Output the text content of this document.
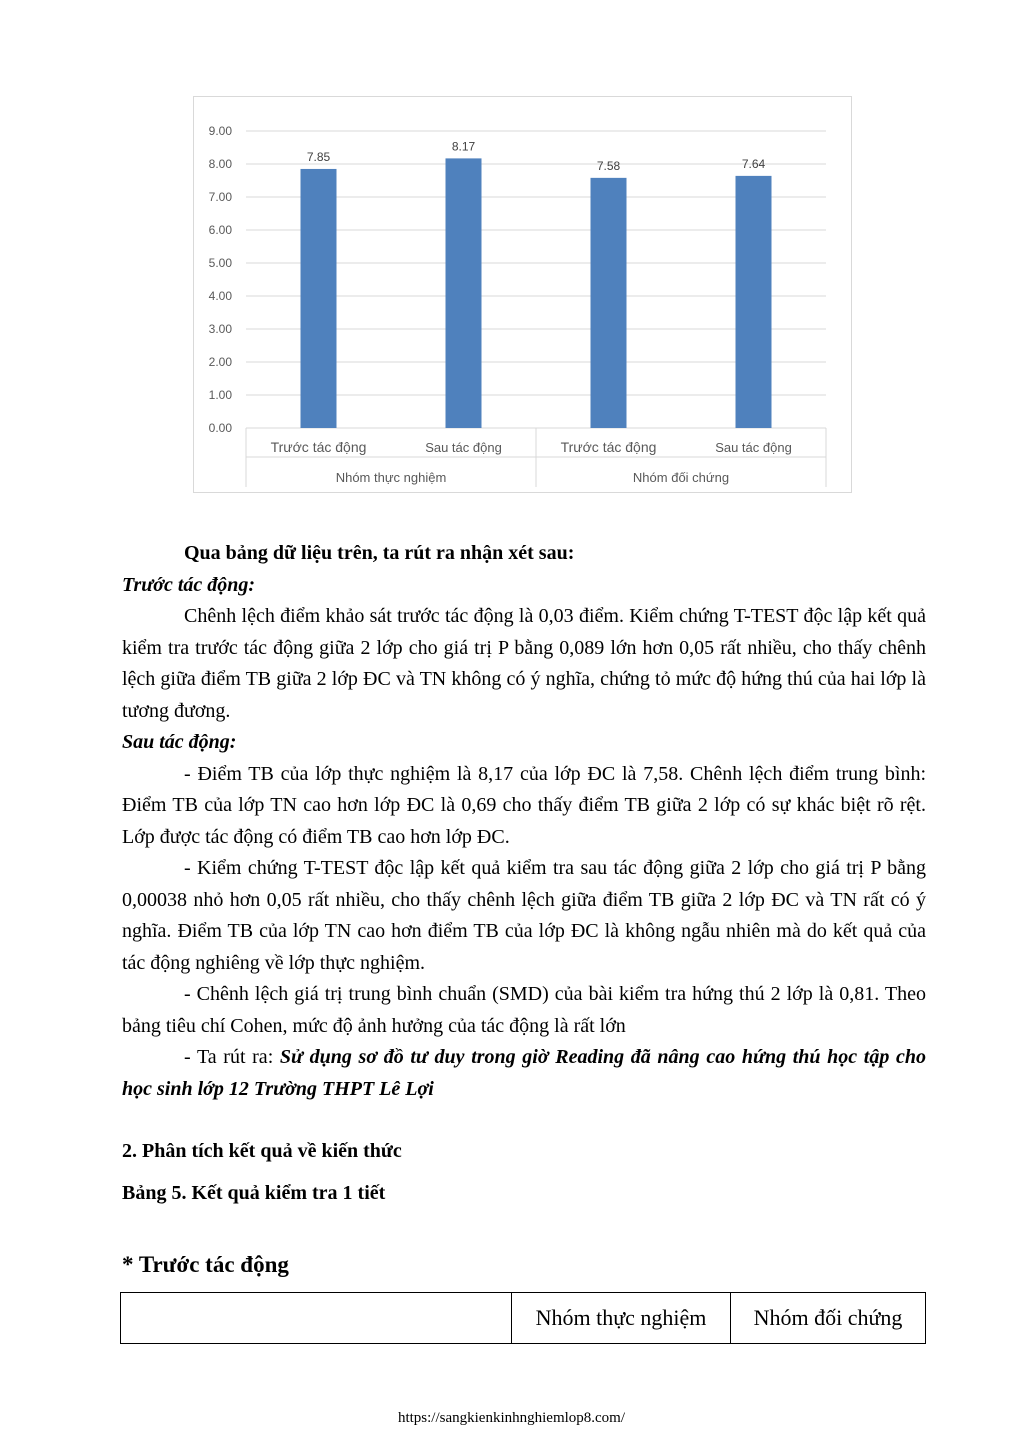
9.00
8.00
7.00
6.00
5.00
4.00
3.00
2.00
1.00
0.00
7.85
Trước tác động
8.17
Sau tác động
Nhóm thực nghiệm
7.58
Trước tác động
7.64
Sau tác động
Nhóm đối chứng

Qua bảng dữ liệu trên, ta rút ra nhận xét sau:

Trước tác động:

Chênh lệch điểm khảo sát trước tác động là 0,03 điểm. Kiểm chứng T-TEST độc lập kết quả kiểm tra trước tác động giữa 2 lớp cho giá trị P bằng 0,089 lớn hơn 0,05 rất nhiều, cho thấy chênh lệch giữa điểm TB giữa 2 lớp ĐC và TN không có ý nghĩa, chứng tỏ mức độ hứng thú của hai lớp là tương đương.

Sau tác động:

- Điểm TB của lớp thực nghiệm là 8,17 của lớp ĐC là 7,58. Chênh lệch điểm trung bình: Điểm TB của lớp TN cao hơn lớp ĐC là 0,69 cho thấy điểm TB giữa 2 lớp có sự khác biệt rõ rệt. Lớp được tác động có điểm TB cao hơn lớp ĐC.

- Kiểm chứng T-TEST độc lập kết quả kiểm tra sau tác động giữa 2 lớp cho giá trị P bằng 0,00038 nhỏ hơn 0,05 rất nhiều, cho thấy chênh lệch giữa điểm TB giữa 2 lớp ĐC và TN rất có ý nghĩa. Điểm TB của lớp TN cao hơn điểm TB của lớp ĐC là không ngẫu nhiên mà do kết quả của tác động nghiêng về lớp thực nghiệm.

- Chênh lệch giá trị trung bình chuẩn (SMD) của bài kiểm tra hứng thú 2 lớp là 0,81. Theo bảng tiêu chí Cohen, mức độ ảnh hưởng của tác động là rất lớn

- Ta rút ra: Sử dụng sơ đồ tư duy trong giờ Reading đã nâng cao hứng thú học tập cho học sinh lớp 12 Trường THPT Lê Lợi

2. Phân tích kết quả về kiến thức
Bảng 5. Kết quả kiểm tra 1 tiết
* Trước tác động
	Nhóm thực nghiệm	Nhóm đối chứng
https://sangkienkinhnghiemlop8.com/
